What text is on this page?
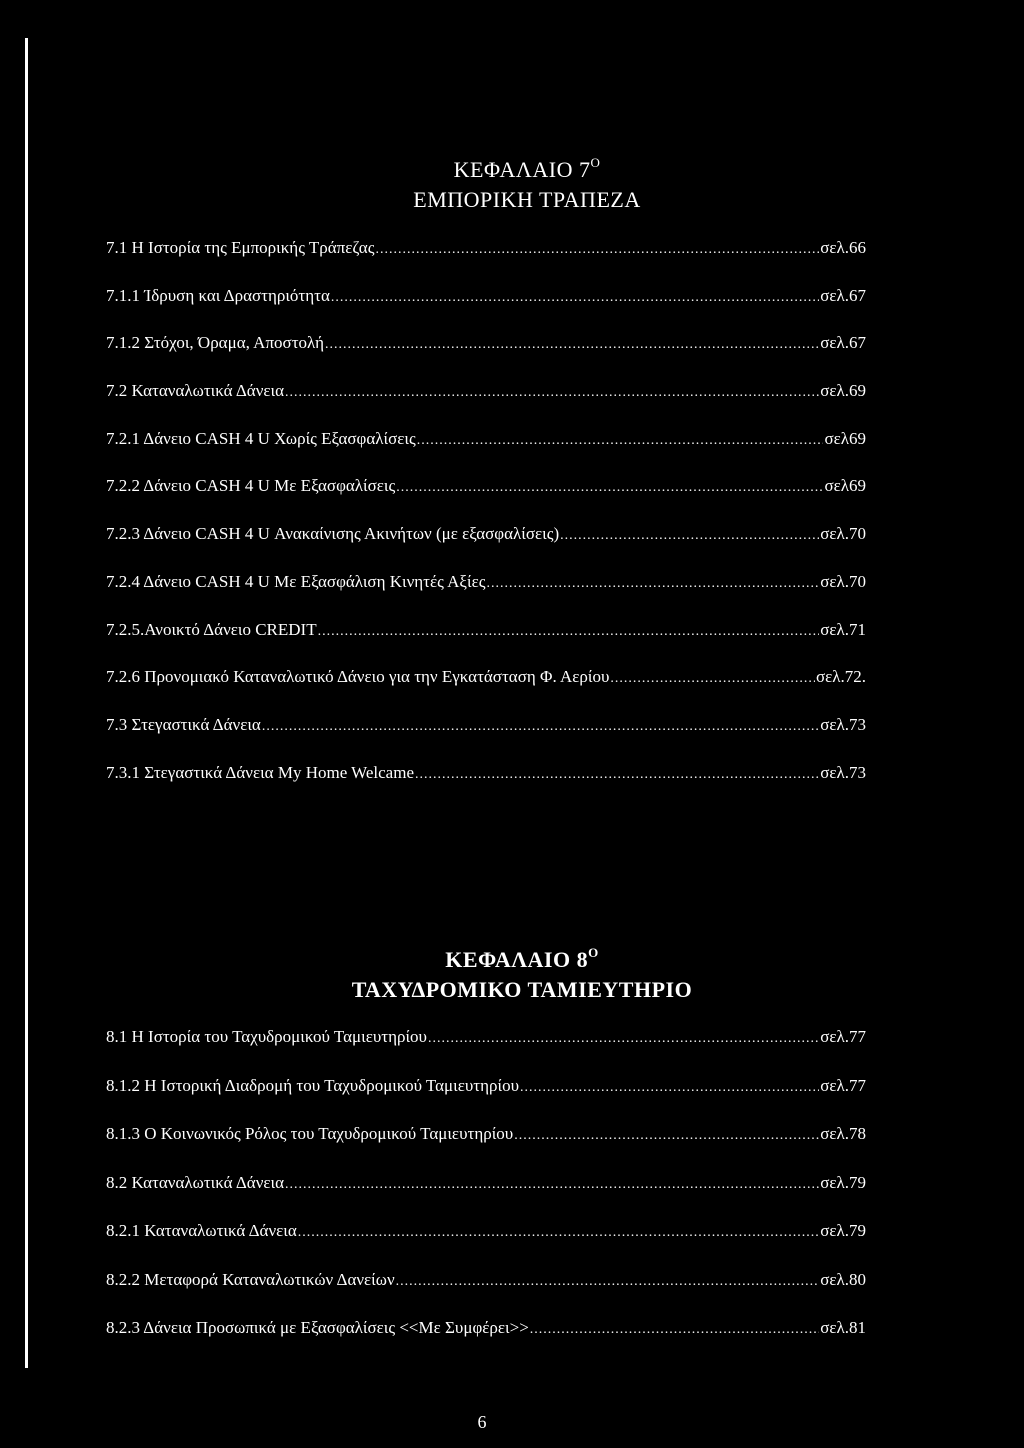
ΚΕΦΑΛΑΙΟ $7^O$
ΕΜΠΟΡΙΚΗ ΤΡΑΠΕΖΑ
7.1 Η Ιστορία της Εμπορικής Τράπεζας .....	σελ.66
7.1.1 Ίδρυση και Δραστηριότητα .....	σελ.67
7.1.2 Στόχοι, Όραμα, Αποστολή .....	σελ.67
7.2 Καταναλωτικά Δάνεια .....	σελ.69
7.2.1 Δάνειο CASH 4 U Χωρίς Εξασφαλίσεις .....	σελ69
7.2.2 Δάνειο CASH 4 U Με Εξασφαλίσεις .....	σελ69
7.2.3 Δάνειο CASH 4 U Ανακαίνισης Ακινήτων (με εξασφαλίσεις) .....	σελ.70
7.2.4 Δάνειο CASH 4 U Με Εξασφάλιση Κινητές Αξίες .....	σελ.70
7.2.5.Ανοικτό Δάνειο CREDIT .....	σελ.71
7.2.6 Προνομιακό Καταναλωτικό Δάνειο για την Εγκατάσταση Φ. Αερίου .....	σελ.72.
7.3 Στεγαστικά Δάνεια .....	σελ.73
7.3.1 Στεγαστικά Δάνεια My Home Welcame .....	σελ.73
ΚΕΦΑΛΑΙΟ $8^O$
ΤΑΧΥΔΡΟΜΙΚΟ ΤΑΜΙΕΥΤΗΡΙΟ
8.1 Η Ιστορία του Ταχυδρομικού Ταμιευτηρίου .....	σελ.77
8.1.2 Η Ιστορική Διαδρομή του Ταχυδρομικού Ταμιευτηρίου .....	σελ.77
8.1.3 Ο Κοινωνικός Ρόλος του Ταχυδρομικού Ταμιευτηρίου .....	σελ.78
8.2 Καταναλωτικά Δάνεια .....	σελ.79
8.2.1 Καταναλωτικά Δάνεια .....	σελ.79
8.2.2 Μεταφορά Καταναλωτικών Δανείων .....	σελ.80
8.2.3 Δάνεια Προσωπικά με Εξασφαλίσεις <<Με Συμφέρει>> .....	σελ.81
6
